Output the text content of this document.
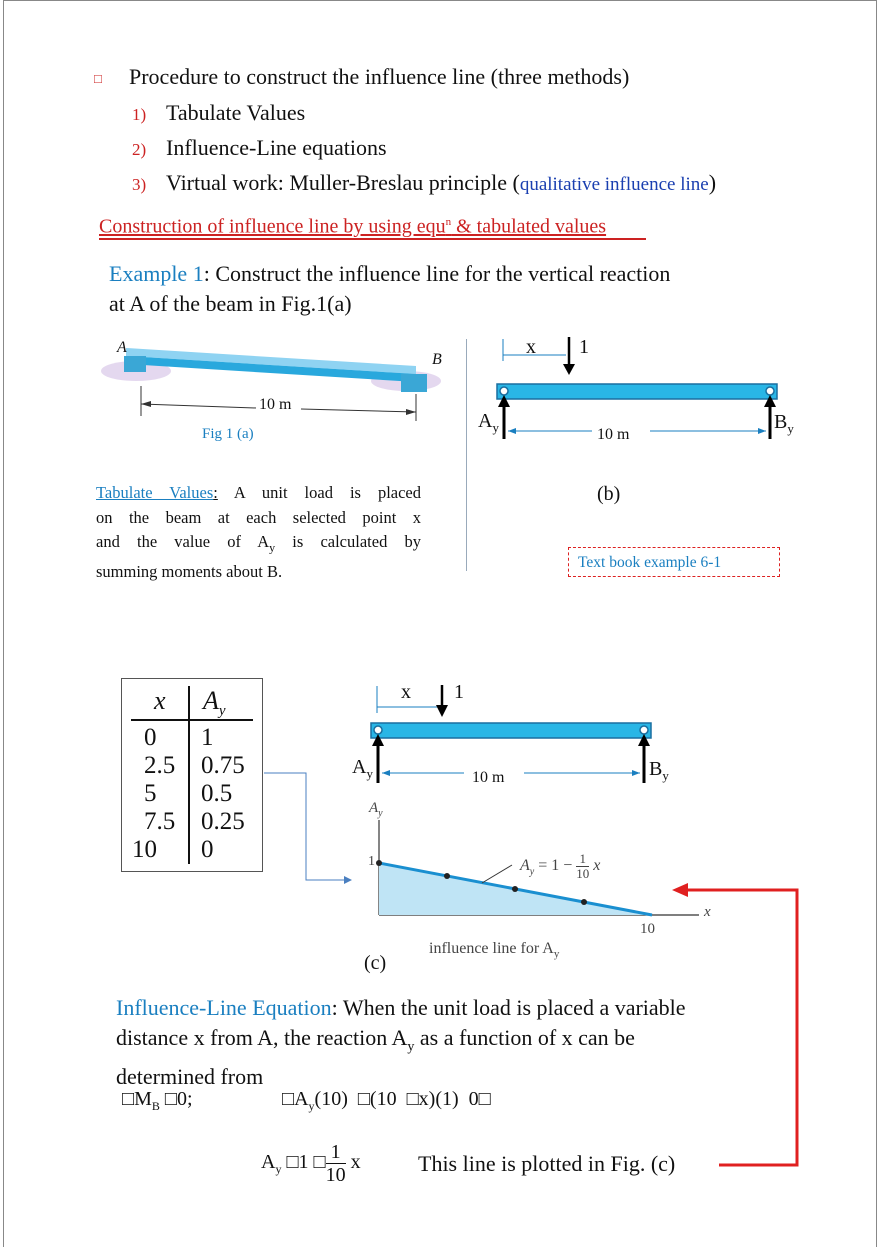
□ Procedure to construct the influence line (three methods)
1) Tabulate Values
2) Influence-Line equations
3) Virtual work: Muller-Breslau principle (qualitative influence line)
Construction of influence line by using equ$^n$ & tabulated values
Example 1: Construct the influence line for the vertical reaction
at A of the beam in Fig.1(a)
A
B
10 m
Fig 1 (a)
Tabulate Values: A unit load is placed
on the beam at each selected point x
and the value of $A_y$ is calculated by
summing moments about B.
x 1
$A_y$	$B_y$
10 m
(b)
Text book example 6-1
x $A_y$
0 1
2.5 0.75
5 0.5
7.5 0.25
10 0
x 1
$A_y$	$B_y$
10 m
$A_y$
1
10
x
$A_y = 1 - \frac{1}{10}$ x
influence line for $A_y$
(c)
Influence-Line Equation: When the unit load is placed a variable
distance x from A, the reaction $A_y$ as a function of x can be
determined from
$□M_B$ □0;	$□A_y(10)$  □(10  □x)(1)  0□
$A_y$ □1 □ $\frac{1}{10}$ x	This line is plotted in Fig. (c)
